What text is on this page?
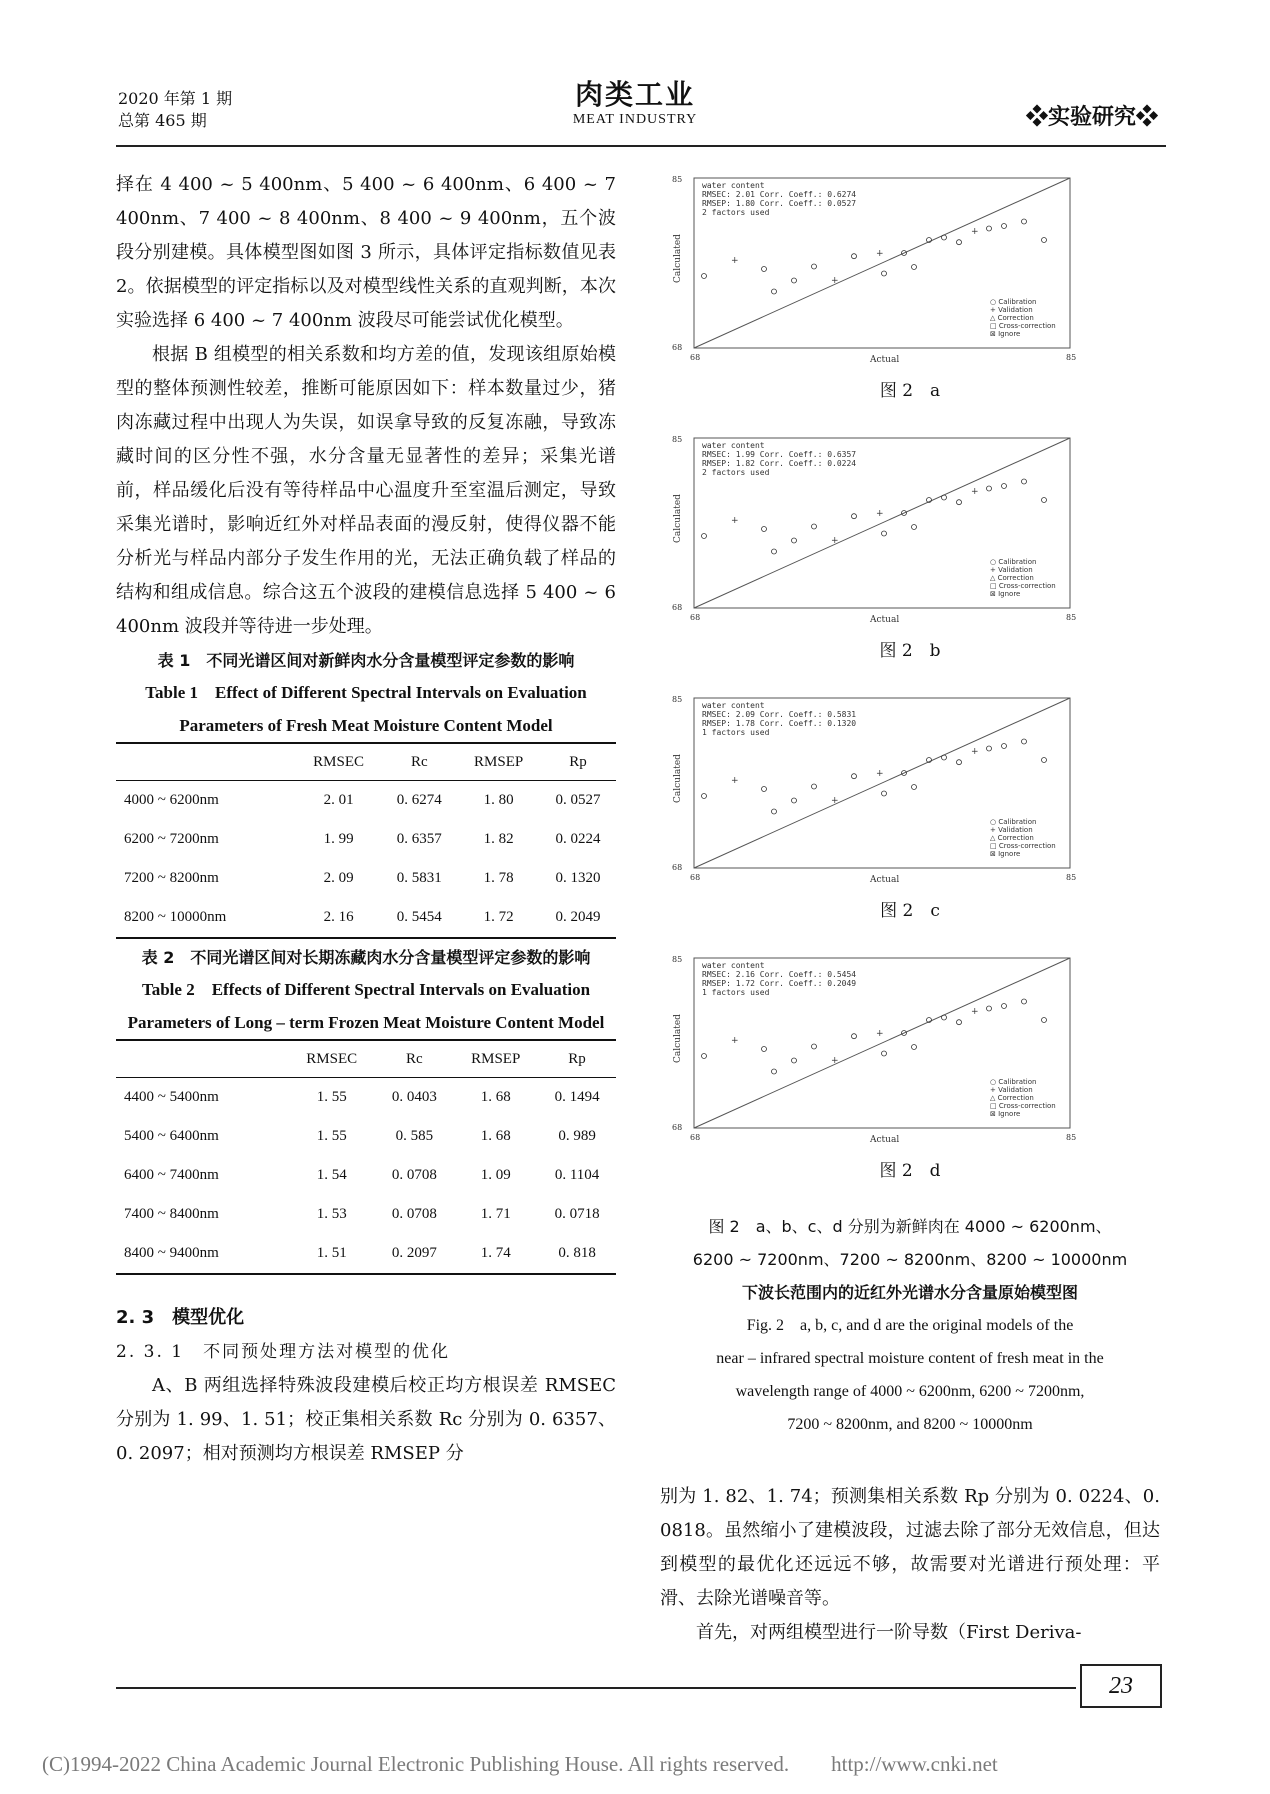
2020 年第 1 期
总第 465 期
肉类工业
MEAT INDUSTRY	❖实验研究❖

择在 4 400 ~ 5 400nm、5 400 ~ 6 400nm、6 400 ~ 7 400nm、7 400 ~ 8 400nm、8 400 ~ 9 400nm，五个波段分别建模。具体模型图如图 3 所示，具体评定指标数值见表 2。依据模型的评定指标以及对模型线性关系的直观判断，本次实验选择 6 400 ~ 7 400nm 波段尽可能尝试优化模型。

根据 B 组模型的相关系数和均方差的值，发现该组原始模型的整体预测性较差，推断可能原因如下：样本数量过少，猪肉冻藏过程中出现人为失误，如误拿导致的反复冻融，导致冻藏时间的区分性不强，水分含量无显著性的差异；采集光谱前，样品缓化后没有等待样品中心温度升至室温后测定，导致采集光谱时，影响近红外对样品表面的漫反射，使得仪器不能分析光与样品内部分子发生作用的光，无法正确负载了样品的结构和组成信息。综合这五个波段的建模信息选择 5 400 ~ 6 400nm 波段并等待进一步处理。

表 1　不同光谱区间对新鲜肉水分含量模型评定参数的影响
Table 1　Effect of Different Spectral Intervals on Evaluation
Parameters of Fresh Meat Moisture Content Model
	RMSEC	Rc	RMSEP	Rp
4000 ~ 6200nm	2. 01	0. 6274	1. 80	0. 0527
6200 ~ 7200nm	1. 99	0. 6357	1. 82	0. 0224
7200 ~ 8200nm	2. 09	0. 5831	1. 78	0. 1320
8200 ~ 10000nm	2. 16	0. 5454	1. 72	0. 2049
表 2　不同光谱区间对长期冻藏肉水分含量模型评定参数的影响
Table 2　Effects of Different Spectral Intervals on Evaluation
Parameters of Long – term Frozen Meat Moisture Content Model
	RMSEC	Rc	RMSEP	Rp
4400 ~ 5400nm	1. 55	0. 0403	1. 68	0. 1494
5400 ~ 6400nm	1. 55	0. 585	1. 68	0. 989
6400 ~ 7400nm	1. 54	0. 0708	1. 09	0. 1104
7400 ~ 8400nm	1. 53	0. 0708	1. 71	0. 0718
8400 ~ 9400nm	1. 51	0. 2097	1. 74	0. 818
2. 3　模型优化
2. 3. 1　不同预处理方法对模型的优化

A、B 两组选择特殊波段建模后校正均方根误差 RMSEC 分别为 1. 99、1. 51；校正集相关系数 Rc 分别为 0. 6357、0. 2097；相对预测均方根误差 RMSEP 分

water content
RMSEC: 2.01 Corr. Coeff.: 0.6274
RMSEP: 1.80 Corr. Coeff.: 0.0527
2 factors used
+
+
+
+
○ Calibration
+ Validation
△ Correction
□ Cross-correction
⊠ Ignore
85
68
68	85
Actual
Calculated
图 2　a
water content
RMSEC: 1.99 Corr. Coeff.: 0.6357
RMSEP: 1.82 Corr. Coeff.: 0.0224
2 factors used
+
+
+
+
○ Calibration
+ Validation
△ Correction
□ Cross-correction
⊠ Ignore
85
68
68	85
Actual
Calculated
图 2　b
water content
RMSEC: 2.09 Corr. Coeff.: 0.5831
RMSEP: 1.78 Corr. Coeff.: 0.1320
1 factors used
+
+
+
+
○ Calibration
+ Validation
△ Correction
□ Cross-correction
⊠ Ignore
85
68
68	85
Actual
Calculated
图 2　c
water content
RMSEC: 2.16 Corr. Coeff.: 0.5454
RMSEP: 1.72 Corr. Coeff.: 0.2049
1 factors used
+
+
+
+
○ Calibration
+ Validation
△ Correction
□ Cross-correction
⊠ Ignore
85
68
68	85
Actual
Calculated
图 2　d
图 2　a、b、c、d 分别为新鲜肉在 4000 ~ 6200nm、
6200 ~ 7200nm、7200 ~ 8200nm、8200 ~ 10000nm
下波长范围内的近红外光谱水分含量原始模型图
Fig. 2　a, b, c, and d are the original models of the
near – infrared spectral moisture content of fresh meat in the
wavelength range of 4000 ~ 6200nm, 6200 ~ 7200nm,
7200 ~ 8200nm, and 8200 ~ 10000nm

别为 1. 82、1. 74；预测集相关系数 Rp 分别为 0. 0224、0. 0818。虽然缩小了建模波段，过滤去除了部分无效信息，但达到模型的最优化还远远不够，故需要对光谱进行预处理：平滑、去除光谱噪音等。

首先，对两组模型进行一阶导数（First Deriva-

23
(C)1994-2022 China Academic Journal Electronic Publishing House. All rights reserved.　　http://www.cnki.net
